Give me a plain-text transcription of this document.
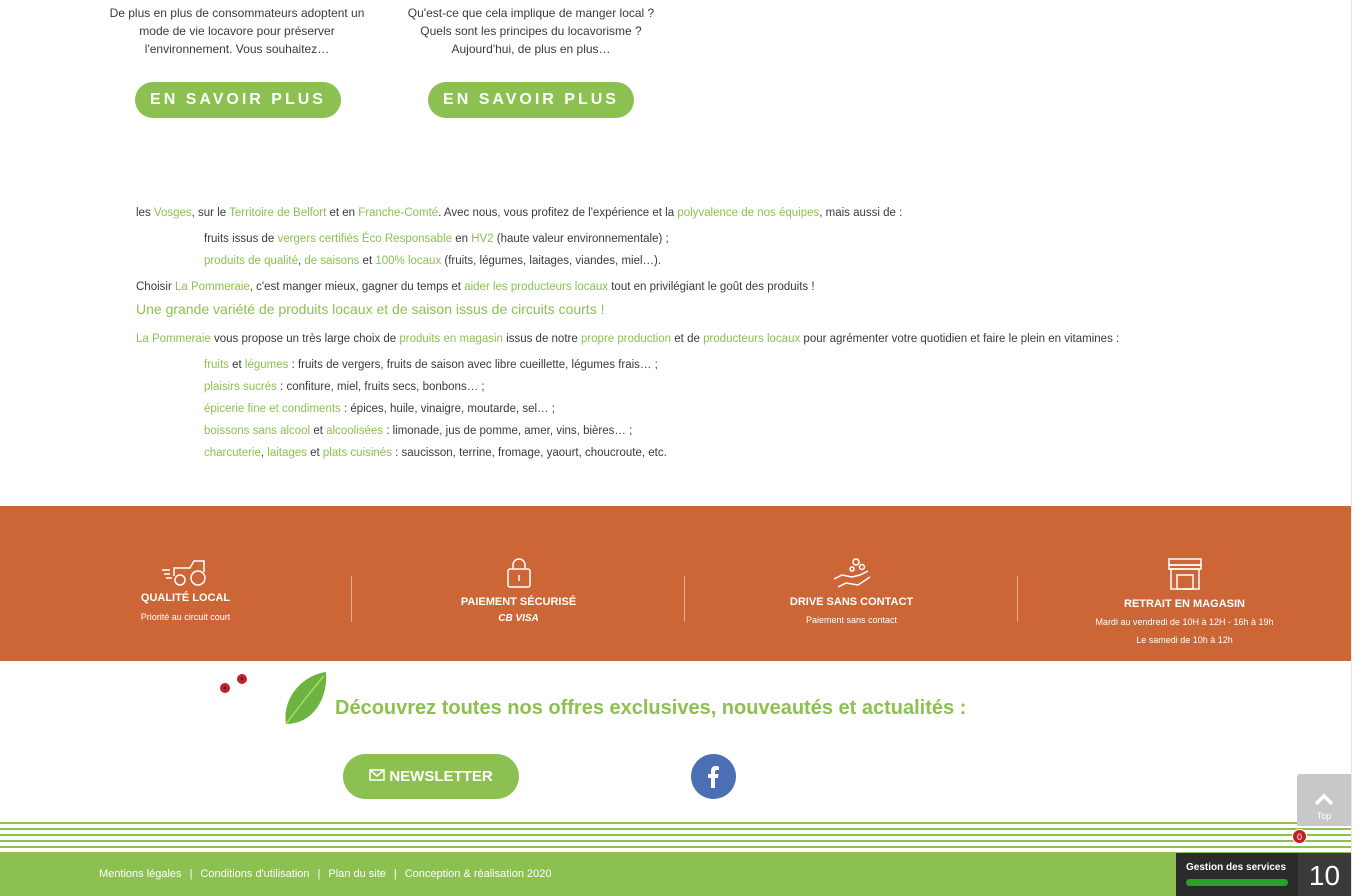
De plus en plus de consommateurs adoptent un mode de vie locavore pour préserver l'environnement. Vous souhaitez…
EN SAVOIR PLUS
Qu'est-ce que cela implique de manger local ? Quels sont les principes du locavorisme ? Aujourd'hui, de plus en plus…
EN SAVOIR PLUS

les Vosges, sur le Territoire de Belfort et en Franche-Comté. Avec nous, vous profitez de l'expérience et la polyvalence de nos équipes, mais aussi de :

fruits issus de vergers certifiés Éco Responsable en HV2 (haute valeur environnementale) ;
produits de qualité, de saisons et 100% locaux (fruits, légumes, laitages, viandes, miel…).

Choisir La Pommeraie, c'est manger mieux, gagner du temps et aider les producteurs locaux tout en privilégiant le goût des produits !

Une grande variété de produits locaux et de saison issus de circuits courts !

La Pommeraie vous propose un très large choix de produits en magasin issus de notre propre production et de producteurs locaux pour agrémenter votre quotidien et faire le plein en vitamines :

fruits et légumes : fruits de vergers, fruits de saison avec libre cueillette, légumes frais… ;
plaisirs sucrés : confiture, miel, fruits secs, bonbons… ;
épicerie fine et condiments : épices, huile, vinaigre, moutarde, sel… ;
boissons sans alcool et alcoolisées : limonade, jus de pomme, amer, vins, bières… ;
charcuterie, laitages et plats cuisinés : saucisson, terrine, fromage, yaourt, choucroute, etc.
QUALITÉ LOCAL
Priorité au circuit court
PAIEMENT SÉCURISÉ
CB VISA
DRIVE SANS CONTACT
Paiement sans contact
RETRAIT EN MAGASIN
Mardi au vendredi de 10H à 12H - 16h à 19h
Le samedi de 10h à 12h
Découvrez toutes nos offres exclusives, nouveautés et actualités :
NEWSLETTER
Mentions légales | Conditions d'utilisation | Plan du site | Conception & réalisation 2020
Top
Gestion des services 10
0
